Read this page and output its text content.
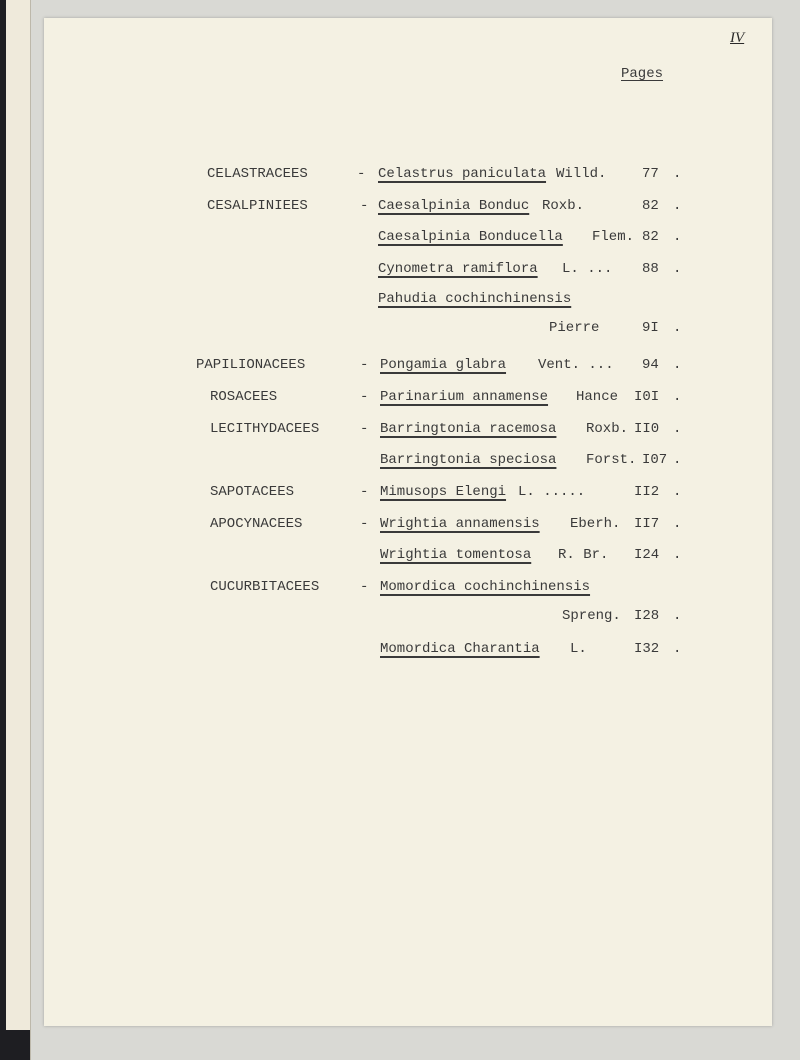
IV
Pages
CELASTRACEES	- Celastrus paniculata Willd.	77 .
CESALPINIEES	- Caesalpinia Bonduc Roxb.	82 .
Caesalpinia Bonducella Flem. 82 .
Cynometra ramiflora L. ... 88 .
Pahudia cochinchinensis
Pierre	9I .
PAPILIONACEES	- Pongamia glabra Vent. ... 94 .
ROSACEES	- Parinarium annamense Hance I0I .
LECITHYDACEES	- Barringtonia racemosa Roxb. II0 .
Barringtonia speciosa Forst. I07 .
SAPOTACEES	- Mimusops Elengi L. .....	II2 .
APOCYNACEES	- Wrightia annamensis Eberh. II7 .
Wrightia tomentosa R. Br. I24 .
CUCURBITACEES	- Momordica cochinchinensis
Spreng. I28 .
Momordica Charantia L.	I32 .
